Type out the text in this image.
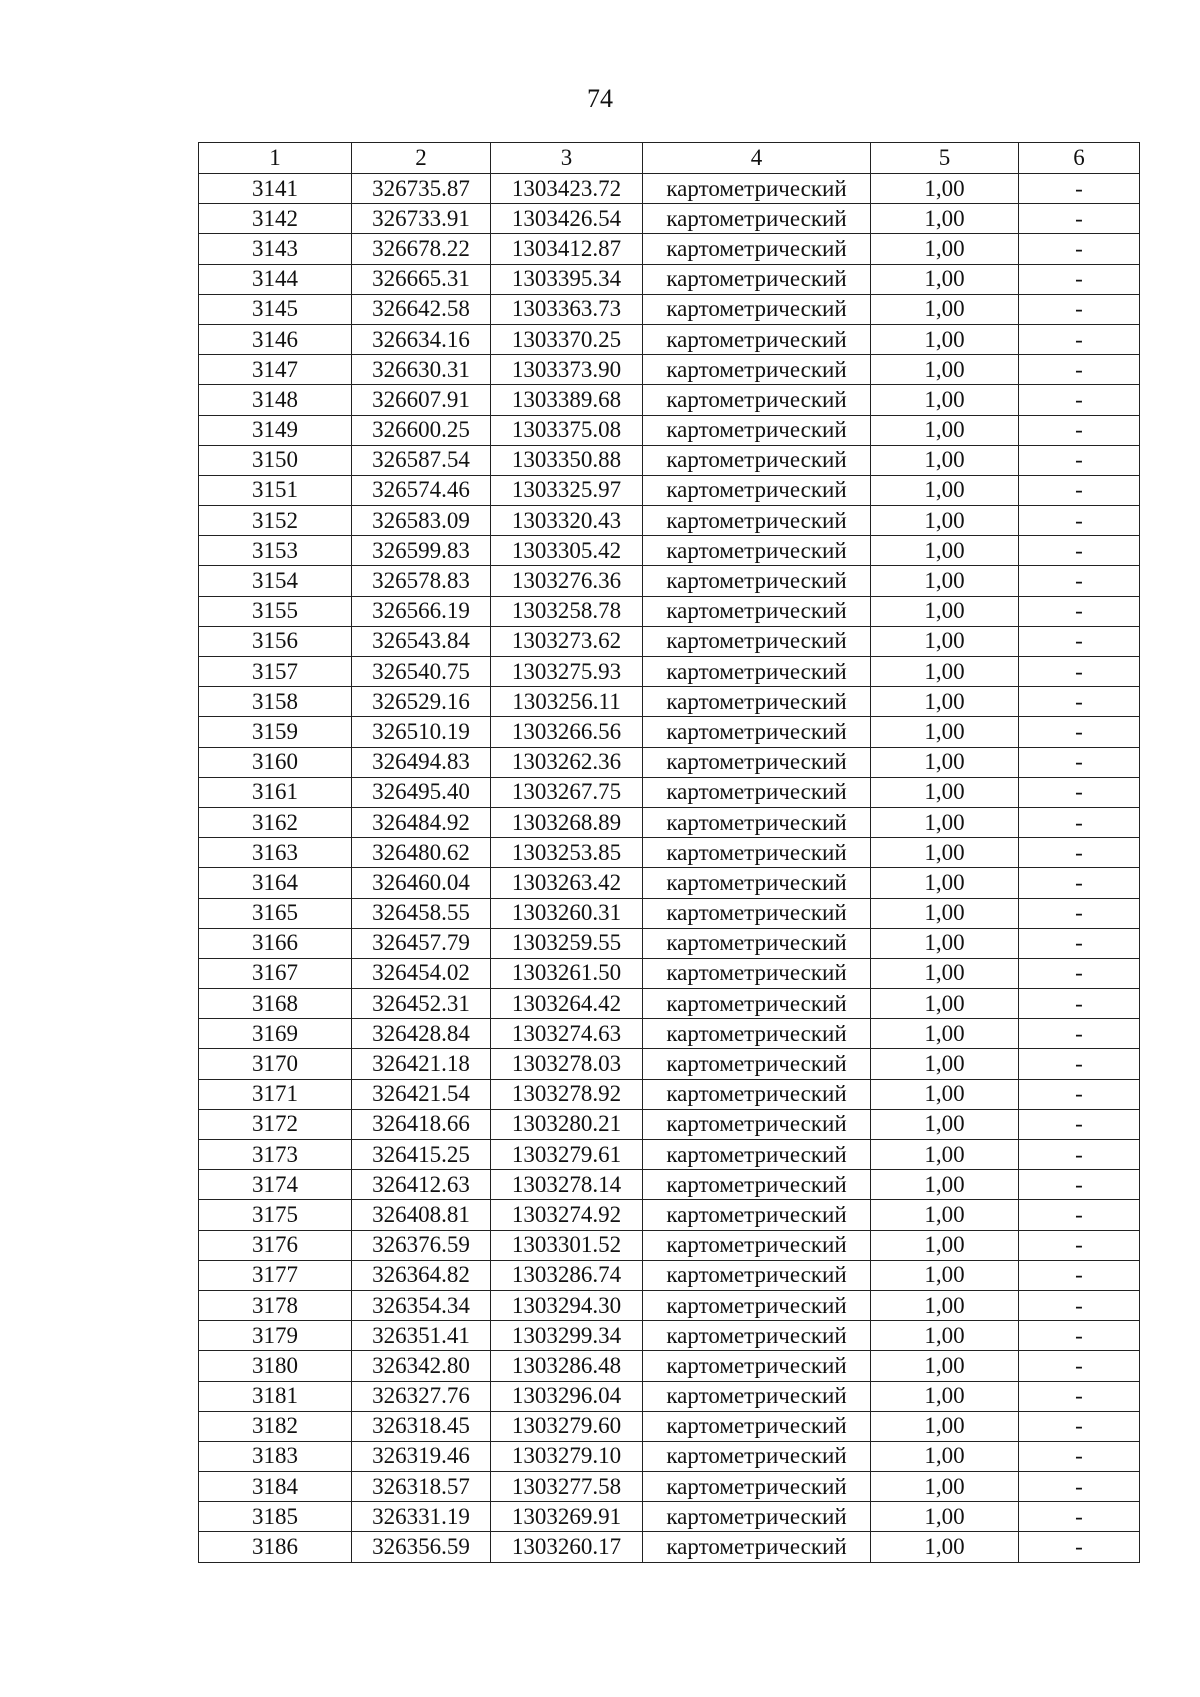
74
1	2	3	4	5	6
3141	326735.87	1303423.72	картометрический	1,00	-
3142	326733.91	1303426.54	картометрический	1,00	-
3143	326678.22	1303412.87	картометрический	1,00	-
3144	326665.31	1303395.34	картометрический	1,00	-
3145	326642.58	1303363.73	картометрический	1,00	-
3146	326634.16	1303370.25	картометрический	1,00	-
3147	326630.31	1303373.90	картометрический	1,00	-
3148	326607.91	1303389.68	картометрический	1,00	-
3149	326600.25	1303375.08	картометрический	1,00	-
3150	326587.54	1303350.88	картометрический	1,00	-
3151	326574.46	1303325.97	картометрический	1,00	-
3152	326583.09	1303320.43	картометрический	1,00	-
3153	326599.83	1303305.42	картометрический	1,00	-
3154	326578.83	1303276.36	картометрический	1,00	-
3155	326566.19	1303258.78	картометрический	1,00	-
3156	326543.84	1303273.62	картометрический	1,00	-
3157	326540.75	1303275.93	картометрический	1,00	-
3158	326529.16	1303256.11	картометрический	1,00	-
3159	326510.19	1303266.56	картометрический	1,00	-
3160	326494.83	1303262.36	картометрический	1,00	-
3161	326495.40	1303267.75	картометрический	1,00	-
3162	326484.92	1303268.89	картометрический	1,00	-
3163	326480.62	1303253.85	картометрический	1,00	-
3164	326460.04	1303263.42	картометрический	1,00	-
3165	326458.55	1303260.31	картометрический	1,00	-
3166	326457.79	1303259.55	картометрический	1,00	-
3167	326454.02	1303261.50	картометрический	1,00	-
3168	326452.31	1303264.42	картометрический	1,00	-
3169	326428.84	1303274.63	картометрический	1,00	-
3170	326421.18	1303278.03	картометрический	1,00	-
3171	326421.54	1303278.92	картометрический	1,00	-
3172	326418.66	1303280.21	картометрический	1,00	-
3173	326415.25	1303279.61	картометрический	1,00	-
3174	326412.63	1303278.14	картометрический	1,00	-
3175	326408.81	1303274.92	картометрический	1,00	-
3176	326376.59	1303301.52	картометрический	1,00	-
3177	326364.82	1303286.74	картометрический	1,00	-
3178	326354.34	1303294.30	картометрический	1,00	-
3179	326351.41	1303299.34	картометрический	1,00	-
3180	326342.80	1303286.48	картометрический	1,00	-
3181	326327.76	1303296.04	картометрический	1,00	-
3182	326318.45	1303279.60	картометрический	1,00	-
3183	326319.46	1303279.10	картометрический	1,00	-
3184	326318.57	1303277.58	картометрический	1,00	-
3185	326331.19	1303269.91	картометрический	1,00	-
3186	326356.59	1303260.17	картометрический	1,00	-
